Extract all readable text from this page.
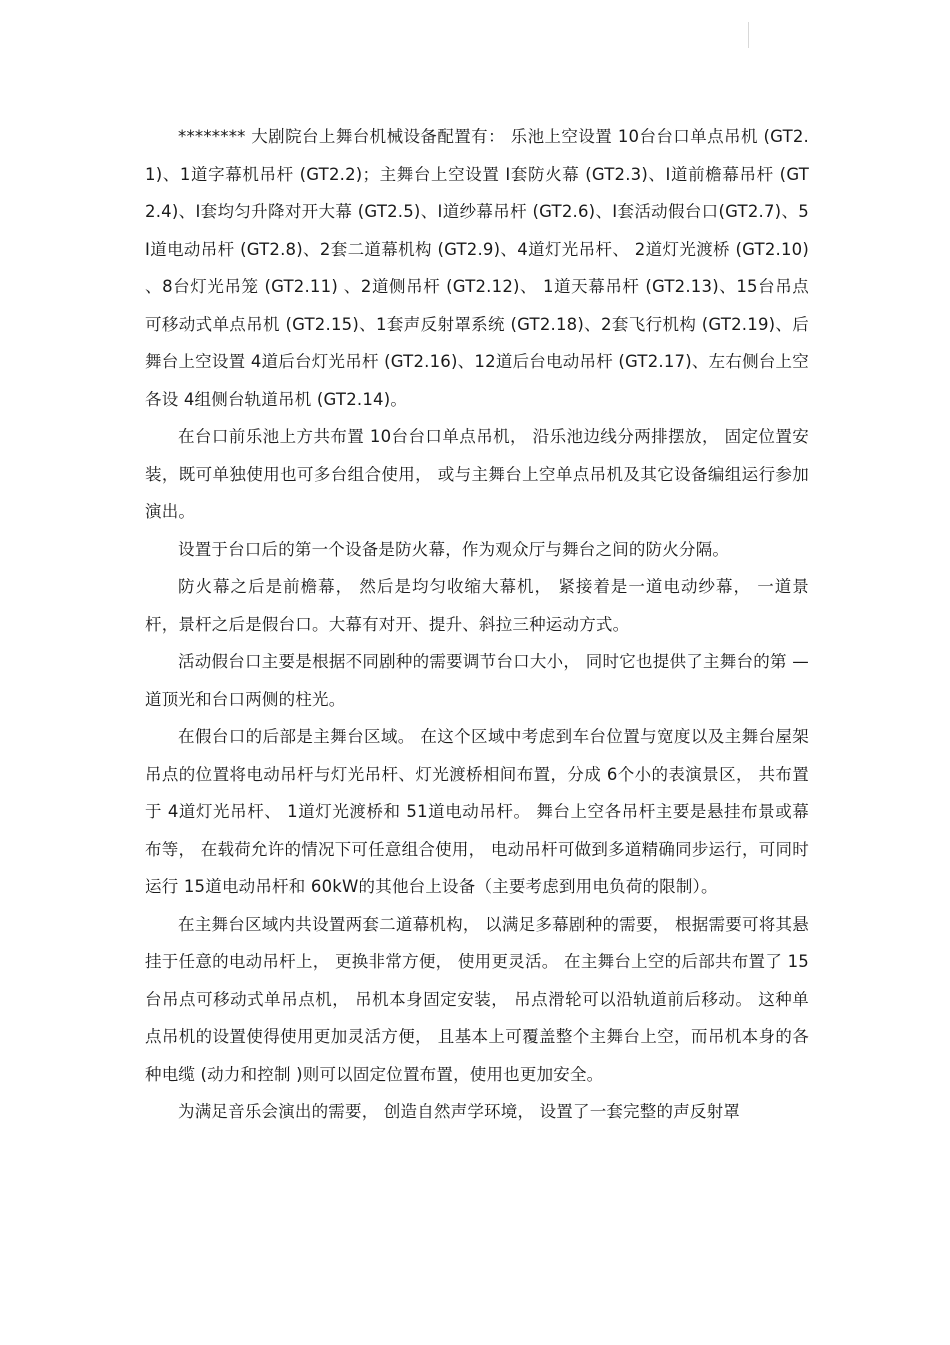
******** 大剧院台上舞台机械设备配置有： 乐池上空设置 10台台口单点吊机 (GT2.1)、1道字幕机吊杆 (GT2.2)；主舞台上空设置 I套防火幕 (GT2.3)、I道前檐幕吊杆 (GT2.4)、I套均匀升降对开大幕 (GT2.5)、I道纱幕吊杆 (GT2.6)、I套活动假台口(GT2.7)、5I道电动吊杆 (GT2.8)、2套二道幕机构 (GT2.9)、4道灯光吊杆、 2道灯光渡桥 (GT2.10) 、8台灯光吊笼 (GT2.11) 、2道侧吊杆 (GT2.12)、 1道天幕吊杆 (GT2.13)、15台吊点可移动式单点吊机 (GT2.15)、1套声反射罩系统 (GT2.18)、2套飞行机构 (GT2.19)、后舞台上空设置 4道后台灯光吊杆 (GT2.16)、12道后台电动吊杆 (GT2.17)、左右侧台上空各设 4组侧台轨道吊机 (GT2.14)。

在台口前乐池上方共布置 10台台口单点吊机， 沿乐池边线分两排摆放， 固定位置安装，既可单独使用也可多台组合使用， 或与主舞台上空单点吊机及其它设备编组运行参加演出。

设置于台口后的第一个设备是防火幕，作为观众厅与舞台之间的防火分隔。

防火幕之后是前檐幕， 然后是均匀收缩大幕机， 紧接着是一道电动纱幕， 一道景杆，景杆之后是假台口。大幕有对开、提升、斜拉三种运动方式。

活动假台口主要是根据不同剧种的需要调节台口大小， 同时它也提供了主舞台的第 — 道顶光和台口两侧的柱光。

在假台口的后部是主舞台区域。 在这个区域中考虑到车台位置与宽度以及主舞台屋架吊点的位置将电动吊杆与灯光吊杆、灯光渡桥相间布置，分成 6个小的表演景区， 共布置于 4道灯光吊杆、 1道灯光渡桥和 51道电动吊杆。 舞台上空各吊杆主要是悬挂布景或幕布等， 在载荷允许的情况下可任意组合使用， 电动吊杆可做到多道精确同步运行，可同时运行 15道电动吊杆和 60kW的其他台上设备（主要考虑到用电负荷的限制）。

在主舞台区域内共设置两套二道幕机构， 以满足多幕剧种的需要， 根据需要可将其悬挂于任意的电动吊杆上， 更换非常方便， 使用更灵活。 在主舞台上空的后部共布置了 15台吊点可移动式单吊点机， 吊机本身固定安装， 吊点滑轮可以沿轨道前后移动。 这种单点吊机的设置使得使用更加灵活方便， 且基本上可覆盖整个主舞台上空，而吊机本身的各种电缆 (动力和控制 )则可以固定位置布置，使用也更加安全。

为满足音乐会演出的需要， 创造自然声学环境， 设置了一套完整的声反射罩
